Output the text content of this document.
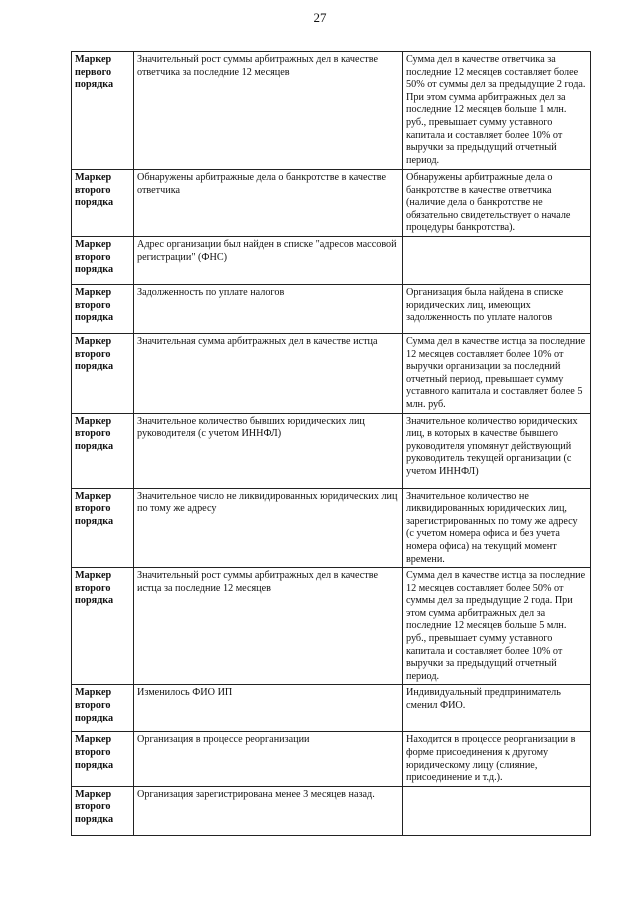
27
Маркер первого порядка	Значительный рост суммы арбитражных дел в качестве ответчика за последние 12 месяцев	Сумма дел в качестве ответчика за последние 12 месяцев составляет более 50% от суммы дел за предыдущие 2 года. При этом сумма арбитражных дел за последние 12 месяцев больше 1 млн. руб., превышает сумму уставного капитала и составляет более 10% от выручки за предыдущий отчетный период.
Маркер второго порядка	Обнаружены арбитражные дела о банкротстве в качестве ответчика	Обнаружены арбитражные дела о банкротстве в качестве ответчика (наличие дела о банкротстве не обязательно свидетельствует о начале процедуры банкротства).
Маркер второго порядка	Адрес организации был найден в списке "адресов массовой регистрации" (ФНС)	
Маркер второго порядка	Задолженность по уплате налогов	Организация была найдена в списке юридических лиц, имеющих задолженность по уплате налогов
Маркер второго порядка	Значительная сумма арбитражных дел в качестве истца	Сумма дел в качестве истца за последние 12 месяцев составляет более 10% от выручки организации за последний отчетный период, превышает сумму уставного капитала и составляет более 5 млн. руб.
Маркер второго порядка	Значительное количество бывших юридических лиц руководителя (с учетом ИННФЛ)	Значительное количество юридических лиц, в которых в качестве бывшего руководителя упомянут действующий руководитель текущей организации (с учетом ИННФЛ)
Маркер второго порядка	Значительное число не ликвидированных юридических лиц по тому же адресу	Значительное количество не ликвидированных юридических лиц, зарегистрированных по тому же адресу (с учетом номера офиса и без учета номера офиса) на текущий момент времени.
Маркер второго порядка	Значительный рост суммы арбитражных дел в качестве истца за последние 12 месяцев	Сумма дел в качестве истца за последние 12 месяцев составляет более 50% от суммы дел за предыдущие 2 года. При этом сумма арбитражных дел за последние 12 месяцев больше 5 млн. руб., превышает сумму уставного капитала и составляет более 10% от выручки за предыдущий отчетный период.
Маркер второго порядка	Изменилось ФИО ИП	Индивидуальный предприниматель сменил ФИО.
Маркер второго порядка	Организация в процессе реорганизации	Находится в процессе реорганизации в форме присоединения к другому юридическому лицу (слияние, присоединение и т.д.).
Маркер второго порядка	Организация зарегистрирована менее 3 месяцев назад.	
